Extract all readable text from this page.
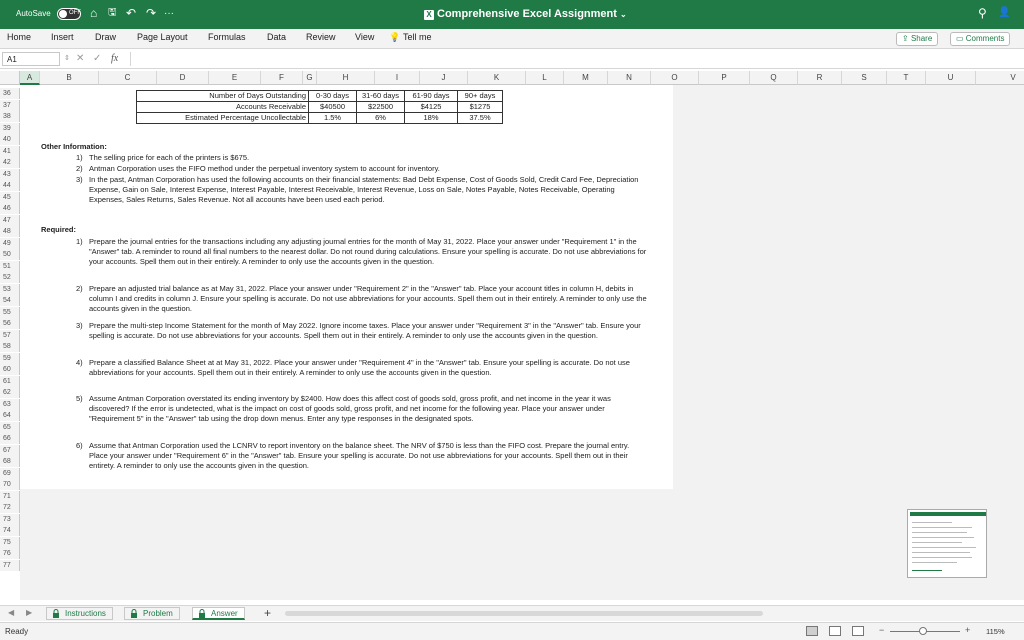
AutoSave	OFF ⌂ 🖫 ↶ ↷ ···	X Comprehensive Excel Assignment ⌄	⚲ 👤
Home Insert Draw Page Layout Formulas Data Review View 💡 Tell me	⇪ Share	▭ Comments
A1	⇕ ✕ ✓ fx
A	B	C	D	E	F	G	H	I	J	K	L	M	N	O	P	Q	R	S	T	U	V
36
37
38
39
40
41
42
43
44
45
46
47
48
49
50
51
52
53
54
55
56
57
58
59
60
61
62
63
64
65
66
67
68
69
70
71
72
73
74
75
76
77
Number of Days Outstanding	0-30 days	31-60 days	61-90 days	90+ days
Accounts Receivable	$40500	$22500	$4125	$1275
Estimated Percentage Uncollectable	1.5%	6%	18%	37.5%
Other Information:
1) The selling price for each of the printers is $675.
2) Antman Corporation uses the FIFO method under the perpetual inventory system to account for inventory.
3) In the past, Antman Corporation has used the following accounts on their financial statements: Bad Debt Expense, Cost of Goods Sold, Credit Card Fee, Depreciation Expense, Gain on Sale, Interest Expense, Interest Payable, Interest Receivable, Interest Revenue, Loss on Sale, Notes Payable, Notes Receivable, Operating Expenses, Sales Returns, Sales Revenue. Not all accounts have been used each period.
Required:
1) Prepare the journal entries for the transactions including any adjusting journal entries for the month of May 31, 2022. Place your answer under "Requirement 1" in the "Answer" tab. A reminder to round all final numbers to the nearest dollar. Do not round during calculations. Ensure your spelling is accurate. Do not use abbreviations for your accounts. Spell them out in their entirely. A reminder to only use the accounts given in the question.
2) Prepare an adjusted trial balance as at May 31, 2022. Place your answer under "Requirement 2" in the "Answer" tab. Place your account titles in column H, debits in column I and credits in column J. Ensure your spelling is accurate. Do not use abbreviations for your accounts. Spell them out in their entirely. A reminder to only use the accounts given in the question.
3) Prepare the multi-step Income Statement for the month of May 2022. Ignore income taxes. Place your answer under "Requirement 3" in the "Answer" tab. Ensure your spelling is accurate. Do not use abbreviations for your accounts. Spell them out in their entirely. A reminder to only use the accounts given in the question.
4) Prepare a classified Balance Sheet at at May 31, 2022. Place your answer under "Requirement 4" in the "Answer" tab. Ensure your spelling is accurate. Do not use abbreviations for your accounts. Spell them out in their entirely. A reminder to only use the accounts given in the question.
5) Assume Antman Corporation overstated its ending inventory by $2400. How does this affect cost of goods sold, gross profit, and net income in the year it was discovered? If the error is undetected, what is the impact on cost of goods sold, gross profit, and net income for the following year. Place your answer under "Requirement 5" in the "Answer" tab using the drop down menus. Enter any type responses in the designated spots.
6) Assume that Antman Corporation used the LCNRV to report inventory on the balance sheet. The NRV of $750 is less than the FIFO cost. Prepare the journal entry. Place your answer under "Requirement 6" in the "Answer" tab. Ensure your spelling is accurate. Do not use abbreviations for your accounts. Spell them out in their entirety. A reminder to only use the accounts given in the question.
◀ ▶	Instructions	Problem	Answer	+
Ready	−	+ 115%
